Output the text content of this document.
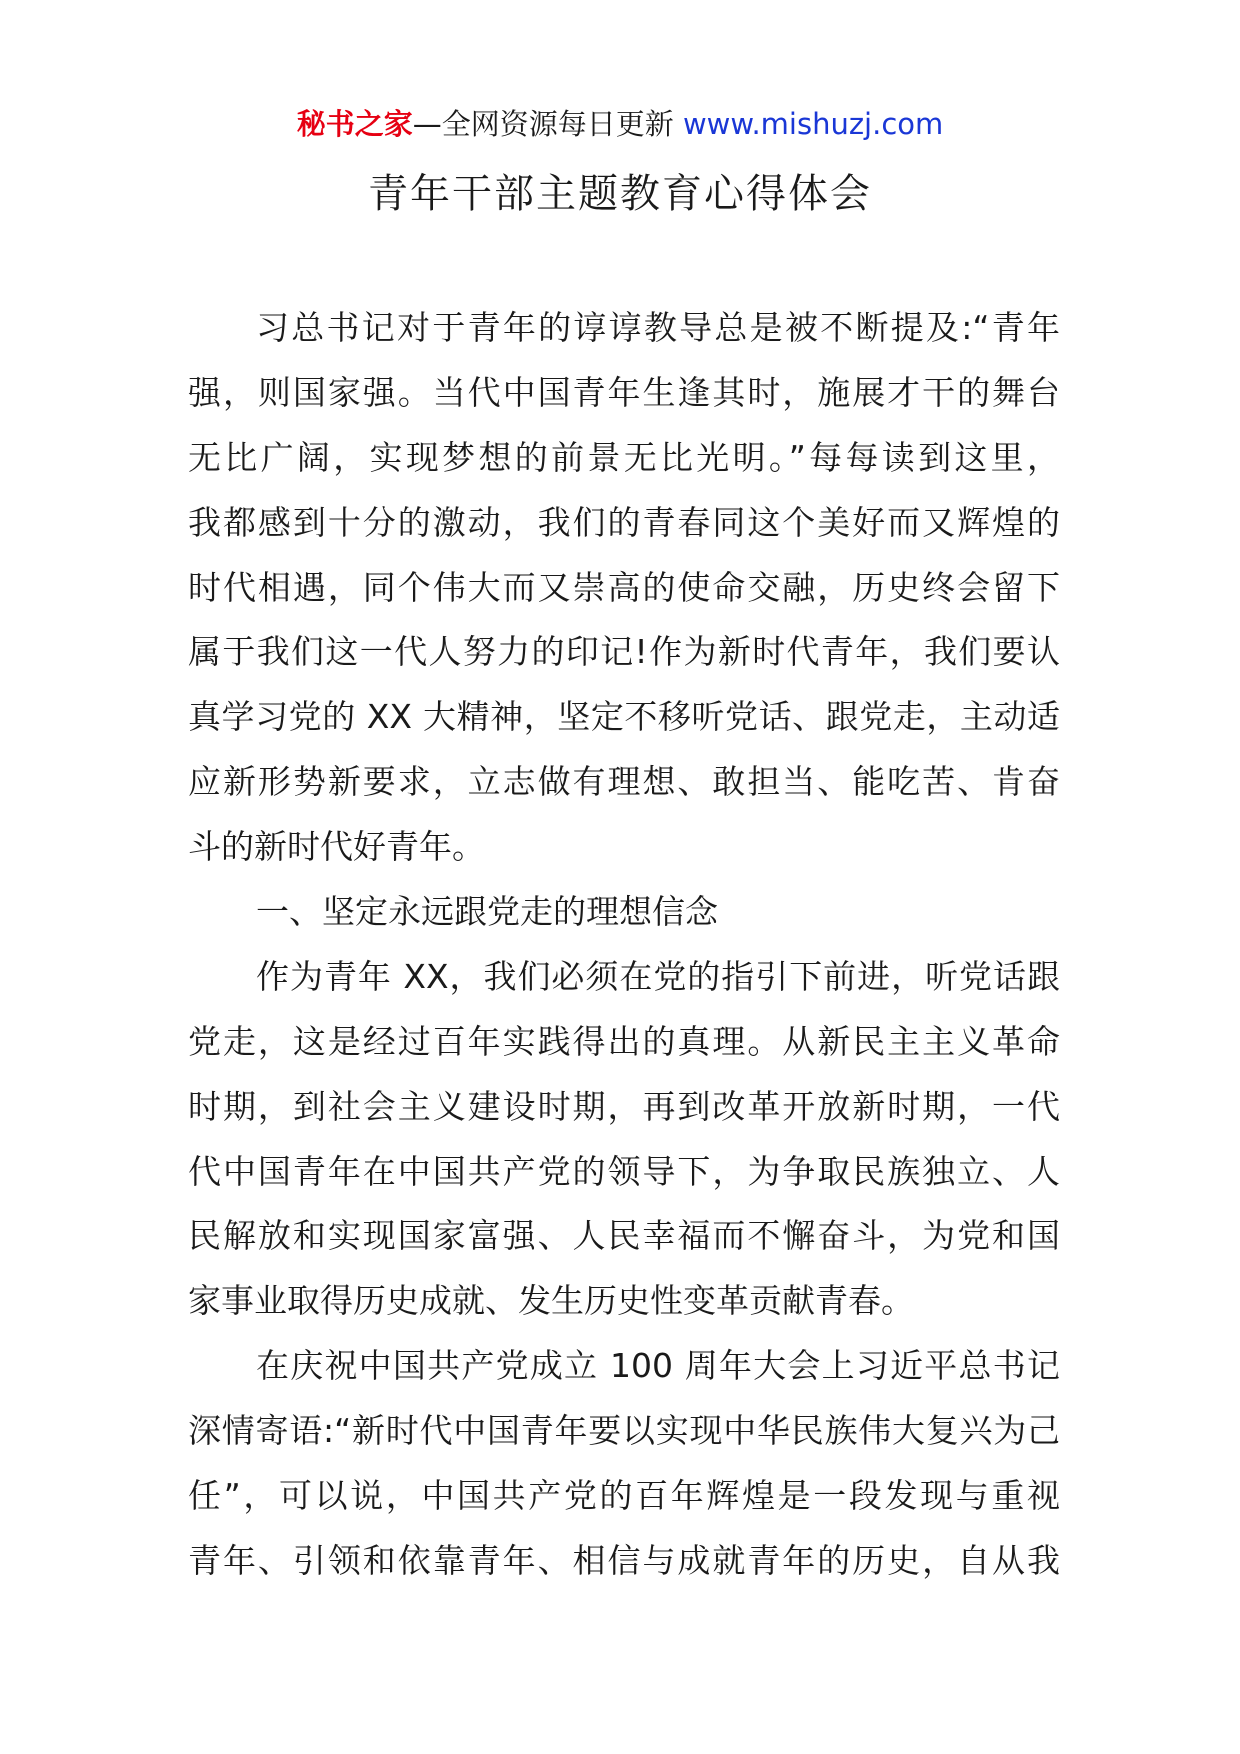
秘书之家—全网资源每日更新 www.mishuzj.com
青年干部主题教育心得体会
习总书记对于青年的谆谆教导总是被不断提及:“青年
强，则国家强。当代中国青年生逢其时，施展才干的舞台
无比广阔，实现梦想的前景无比光明。”每每读到这里，
我都感到十分的激动，我们的青春同这个美好而又辉煌的
时代相遇，同个伟大而又崇高的使命交融，历史终会留下
属于我们这一代人努力的印记!作为新时代青年，我们要认
真学习党的 XX 大精神，坚定不移听党话、跟党走，主动适
应新形势新要求，立志做有理想、敢担当、能吃苦、肯奋
斗的新时代好青年。
一、坚定永远跟党走的理想信念
作为青年 XX，我们必须在党的指引下前进，听党话跟
党走，这是经过百年实践得出的真理。从新民主主义革命
时期，到社会主义建设时期，再到改革开放新时期，一代
代中国青年在中国共产党的领导下，为争取民族独立、人
民解放和实现国家富强、人民幸福而不懈奋斗，为党和国
家事业取得历史成就、发生历史性变革贡献青春。
在庆祝中国共产党成立 100 周年大会上习近平总书记
深情寄语:“新时代中国青年要以实现中华民族伟大复兴为己
任”，可以说，中国共产党的百年辉煌是一段发现与重视
青年、引领和依靠青年、相信与成就青年的历史，自从我
